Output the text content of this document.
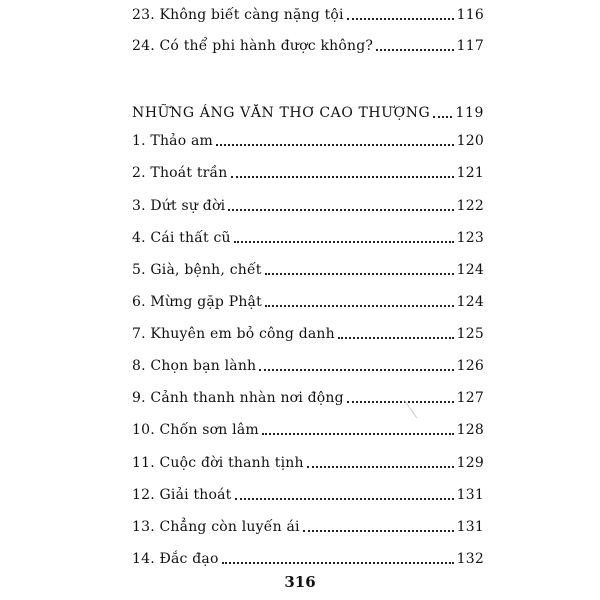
23. Không biết càng nặng tội	116
24. Có thể phi hành được không?	117
NHỮNG ÁNG VĂN THƠ CAO THƯỢNG 119
1. Thảo am	120
2. Thoát trần	121
3. Dứt sự đời	122
4. Cái thất cũ	123
5. Già, bệnh, chết	124
6. Mừng gặp Phật	124
7. Khuyên em bỏ công danh	125
8. Chọn bạn lành	126
9. Cảnh thanh nhàn nơi động	127
10. Chốn sơn lâm	128
11. Cuộc đời thanh tịnh	129
12. Giải thoát	131
13. Chẳng còn luyến ái	131
14. Đắc đạo	132
316
